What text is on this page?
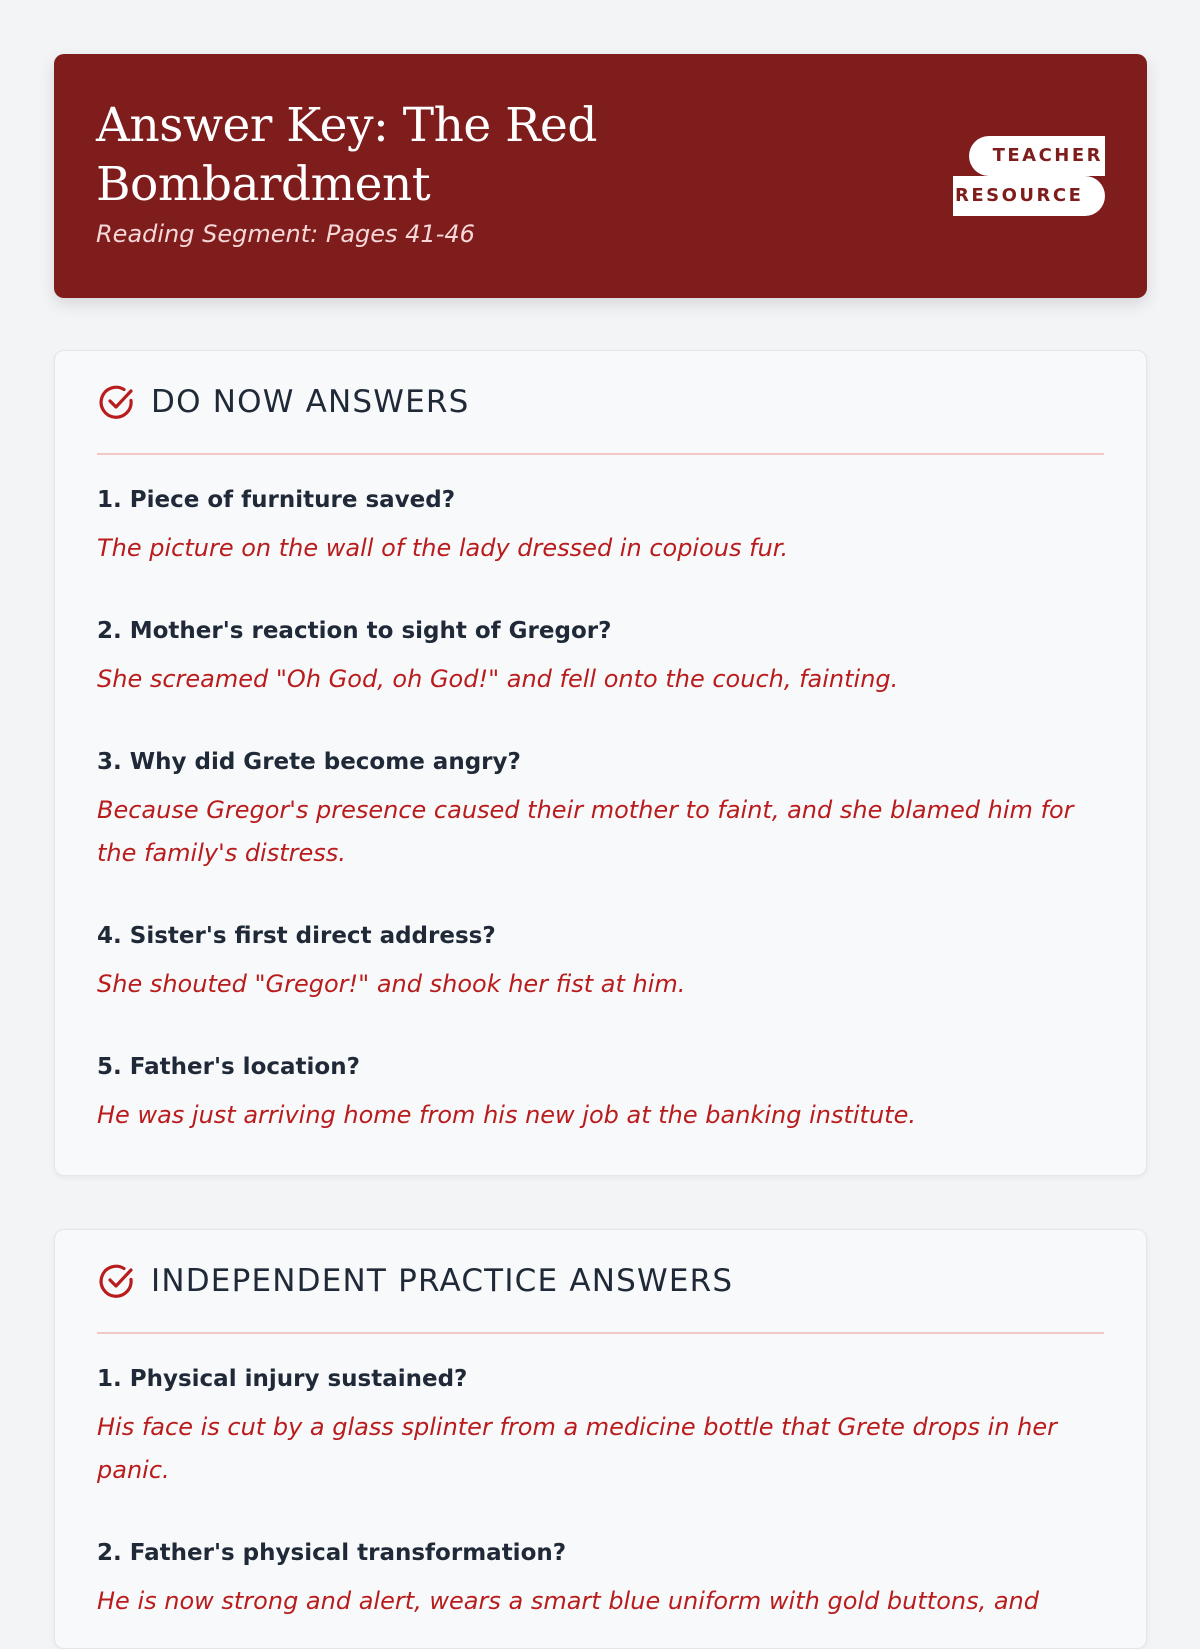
Answer Key: The Red Bombardment
Reading Segment: Pages 41-46
TEACHER
RESOURCE
DO NOW ANSWERS
1. Piece of furniture saved?
The picture on the wall of the lady dressed in copious fur.
2. Mother's reaction to sight of Gregor?
She screamed "Oh God, oh God!" and fell onto the couch, fainting.
3. Why did Grete become angry?
Because Gregor's presence caused their mother to faint, and she blamed him for the family's distress.
4. Sister's first direct address?
She shouted "Gregor!" and shook her fist at him.
5. Father's location?
He was just arriving home from his new job at the banking institute.
INDEPENDENT PRACTICE ANSWERS
1. Physical injury sustained?
His face is cut by a glass splinter from a medicine bottle that Grete drops in her panic.
2. Father's physical transformation?
He is now strong and alert, wears a smart blue uniform with gold buttons, and
